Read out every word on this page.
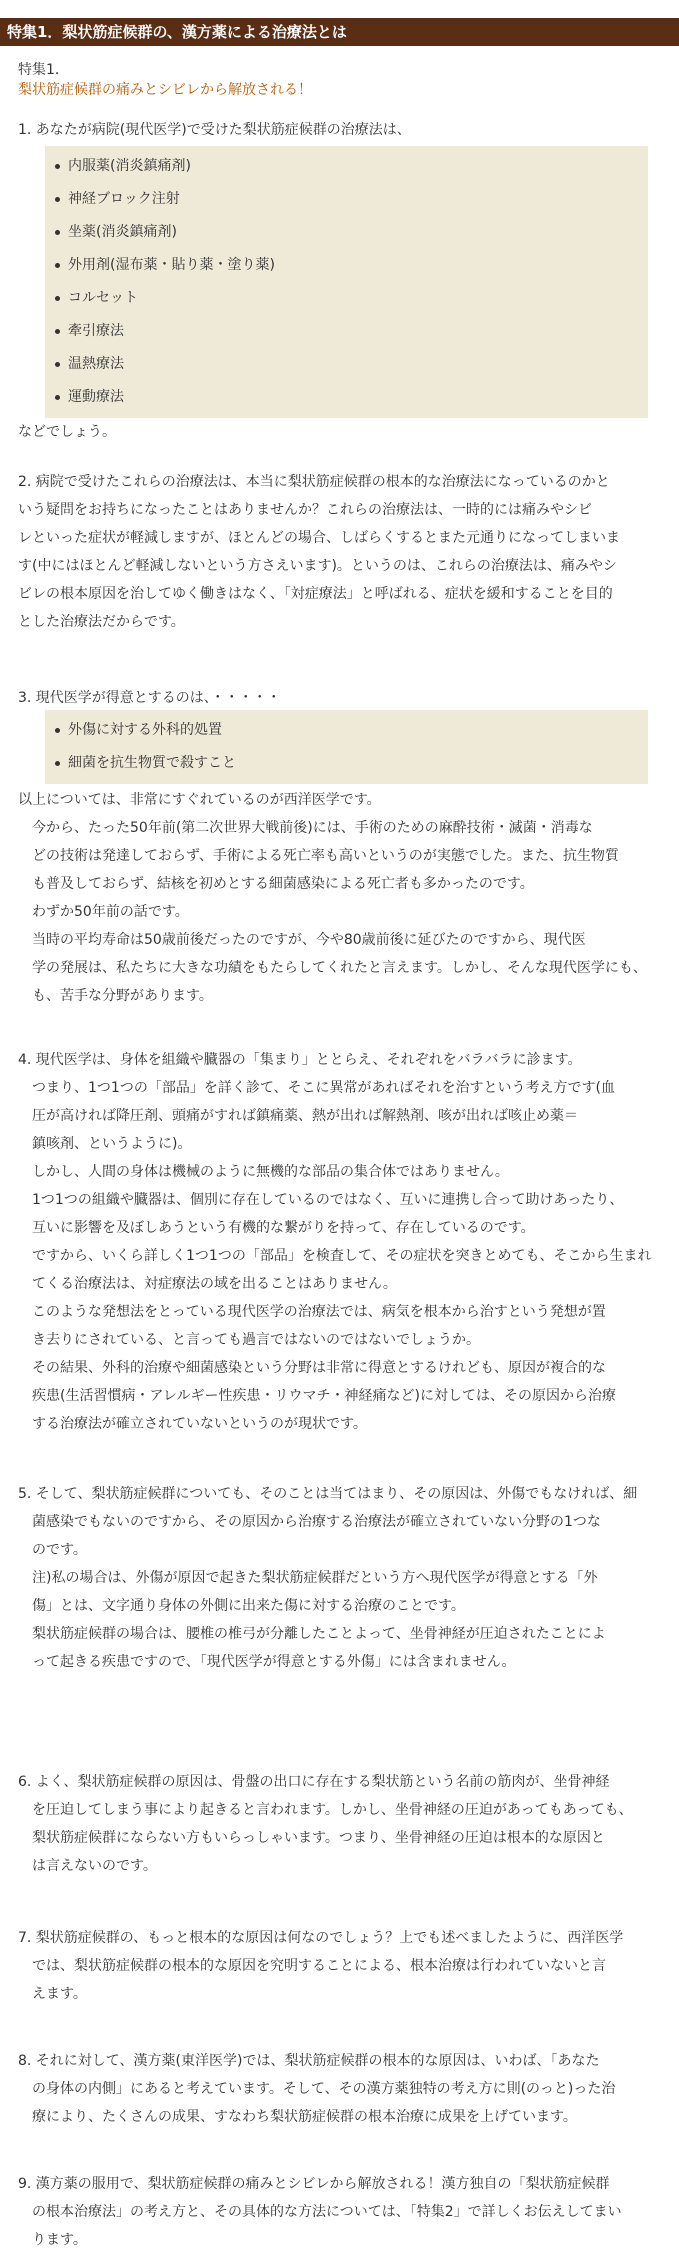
特集1．梨状筋症候群の、漢方薬による治療法とは
特集1．
梨状筋症候群の痛みとシビレから解放される！
1. あなたが病院(現代医学)で受けた梨状筋症候群の治療法は、
内服薬(消炎鎮痛剤)
神経ブロック注射
坐薬(消炎鎮痛剤)
外用剤(湿布薬・貼り薬・塗り薬)
コルセット
牽引療法
温熱療法
運動療法
などでしょう。
2. 病院で受けたこれらの治療法は、本当に梨状筋症候群の根本的な治療法になっているのかと
いう疑問をお持ちになったことはありませんか？これらの治療法は、一時的には痛みやシビ
レといった症状が軽減しますが、ほとんどの場合、しばらくするとまた元通りになってしまいま
す(中にはほとんど軽減しないという方さえいます)。というのは、これらの治療法は、痛みやシ
ビレの根本原因を治してゆく働きはなく、「対症療法」と呼ばれる、症状を緩和することを目的
とした治療法だからです。
3. 現代医学が得意とするのは、・・・・・
外傷に対する外科的処置
細菌を抗生物質で殺すこと
以上については、非常にすぐれているのが西洋医学です。
　今から、たった50年前(第二次世界大戦前後)には、手術のための麻酔技術・滅菌・消毒な
　どの技術は発達しておらず、手術による死亡率も高いというのが実態でした。また、抗生物質
　も普及しておらず、結核を初めとする細菌感染による死亡者も多かったのです。
　わずか50年前の話です。
　当時の平均寿命は50歳前後だったのですが、今や80歳前後に延びたのですから、現代医
　学の発展は、私たちに大きな功績をもたらしてくれたと言えます。しかし、そんな現代医学にも、
　も、苦手な分野があります。
4. 現代医学は、身体を組織や臓器の「集まり」ととらえ、それぞれをバラバラに診ます。
　つまり、1つ1つの「部品」を詳く診て、そこに異常があればそれを治すという考え方です(血
　圧が高ければ降圧剤、頭痛がすれば鎮痛薬、熱が出れば解熱剤、咳が出れば咳止め薬＝
　鎮咳剤、というように)。
　しかし、人間の身体は機械のように無機的な部品の集合体ではありません。
　1つ1つの組織や臓器は、個別に存在しているのではなく、互いに連携し合って助けあったり、
　互いに影響を及ぼしあうという有機的な繋がりを持って、存在しているのです。
　ですから、いくら詳しく1つ1つの「部品」を検査して、その症状を突きとめても、そこから生まれ
　てくる治療法は、対症療法の域を出ることはありません。
　このような発想法をとっている現代医学の治療法では、病気を根本から治すという発想が置
　き去りにされている、と言っても過言ではないのではないでしょうか。
　その結果、外科的治療や細菌感染という分野は非常に得意とするけれども、原因が複合的な
　疾患(生活習慣病・アレルギー性疾患・リウマチ・神経痛など)に対しては、その原因から治療
　する治療法が確立されていないというのが現状です。
5. そして、梨状筋症候群についても、そのことは当てはまり、その原因は、外傷でもなければ、細
　菌感染でもないのですから、その原因から治療する治療法が確立されていない分野の1つな
　のです。
　注)私の場合は、外傷が原因で起きた梨状筋症候群だという方へ現代医学が得意とする「外
　傷」とは、文字通り身体の外側に出来た傷に対する治療のことです。
　梨状筋症候群の場合は、腰椎の椎弓が分離したことよって、坐骨神経が圧迫されたことによ
　って起きる疾患ですので、「現代医学が得意とする外傷」には含まれません。
6. よく、梨状筋症候群の原因は、骨盤の出口に存在する梨状筋という名前の筋肉が、坐骨神経
　を圧迫してしまう事により起きると言われます。しかし、坐骨神経の圧迫があってもあっても、
　梨状筋症候群にならない方もいらっしゃいます。つまり、坐骨神経の圧迫は根本的な原因と
　は言えないのです。
7. 梨状筋症候群の、もっと根本的な原因は何なのでしょう？上でも述べましたように、西洋医学
　では、梨状筋症候群の根本的な原因を究明することによる、根本治療は行われていないと言
　えます。
8. それに対して、漢方薬(東洋医学)では、梨状筋症候群の根本的な原因は、いわば、「あなた
　の身体の内側」にあると考えています。そして、その漢方薬独特の考え方に則(のっと)った治
　療により、たくさんの成果、すなわち梨状筋症候群の根本治療に成果を上げています。
9. 漢方薬の服用で、梨状筋症候群の痛みとシビレから解放される！漢方独自の「梨状筋症候群
　の根本治療法」の考え方と、その具体的な方法については、「特集2」で詳しくお伝えしてまい
　ります。
